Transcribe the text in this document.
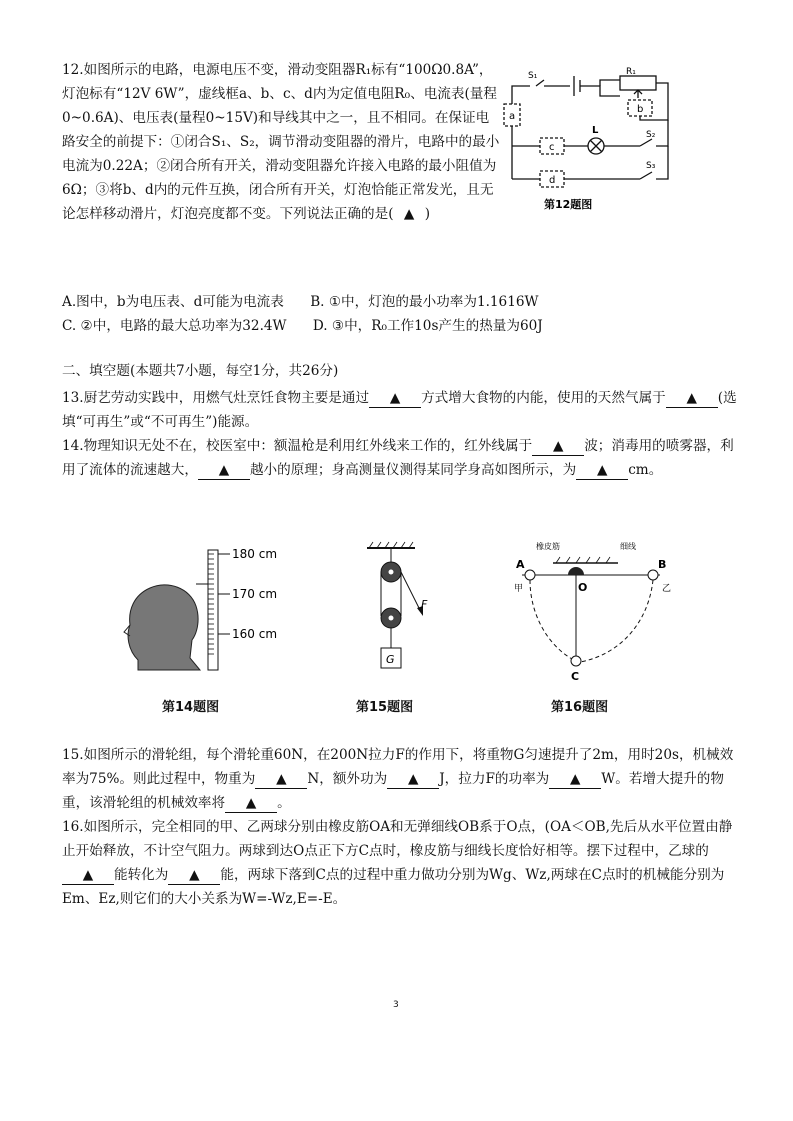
12.如图所示的电路，电源电压不变，滑动变阻器R₁标有“100Ω0.8A”，灯泡标有“12V 6W”，虚线框a、b、c、d内为定值电阻R₀、电流表(量程0~0.6A)、电压表(量程0~15V)和导线其中之一，且不相同。在保证电路安全的前提下：①闭合S₁、S₂，调节滑动变阻器的滑片，电路中的最小电流为0.22A；②闭合所有开关，滑动变阻器允许接入电路的最小阻值为6Ω；③将b、d内的元件互换，闭合所有开关，灯泡恰能正常发光，且无论怎样移动滑片，灯泡亮度都不变。下列说法正确的是( ▲ )
S₁	R₁
a
b
c
d
L	S₂
S₃
第12题图
A.图中，b为电压表、d可能为电流表 B. ①中，灯泡的最小功率为1.1616W
C. ②中，电路的最大总功率为32.4W D. ③中，R₀工作10s产生的热量为60J
二、填空题(本题共7小题，每空1分，共26分)
13.厨艺劳动实践中，用燃气灶烹饪食物主要是通过 ▲ 方式增大食物的内能，使用的天然气属于 ▲ (选填“可再生”或“不可再生”)能源。
14.物理知识无处不在，校医室中：额温枪是利用红外线来工作的，红外线属于 ▲ 波；消毒用的喷雾器，利用了流体的流速越大， ▲ 越小的原理；身高测量仪测得某同学身高如图所示，为 ▲ cm。
180 cm
170 cm
160 cm
第14题图
F
G
第15题图
A	B
O
C
甲	乙
橡皮筋	细线
第16题图
15.如图所示的滑轮组，每个滑轮重60N，在200N拉力F的作用下，将重物G匀速提升了2m，用时20s，机械效率为75%。则此过程中，物重为 ▲ N，额外功为 ▲ J，拉力F的功率为 ▲ W。若增大提升的物重，该滑轮组的机械效率将 ▲ 。
16.如图所示，完全相同的甲、乙两球分别由橡皮筋OA和无弹细线OB系于O点，(OA＜OB,先后从水平位置由静止开始释放，不计空气阻力。两球到达O点正下方C点时，橡皮筋与细线长度恰好相等。摆下过程中，乙球的▲ 能转化为 ▲ 能，两球下落到C点的过程中重力做功分别为Wg、Wz,两球在C点时的机械能分别为Em、Ez,则它们的大小关系为W=-Wz,E=-E。
3
